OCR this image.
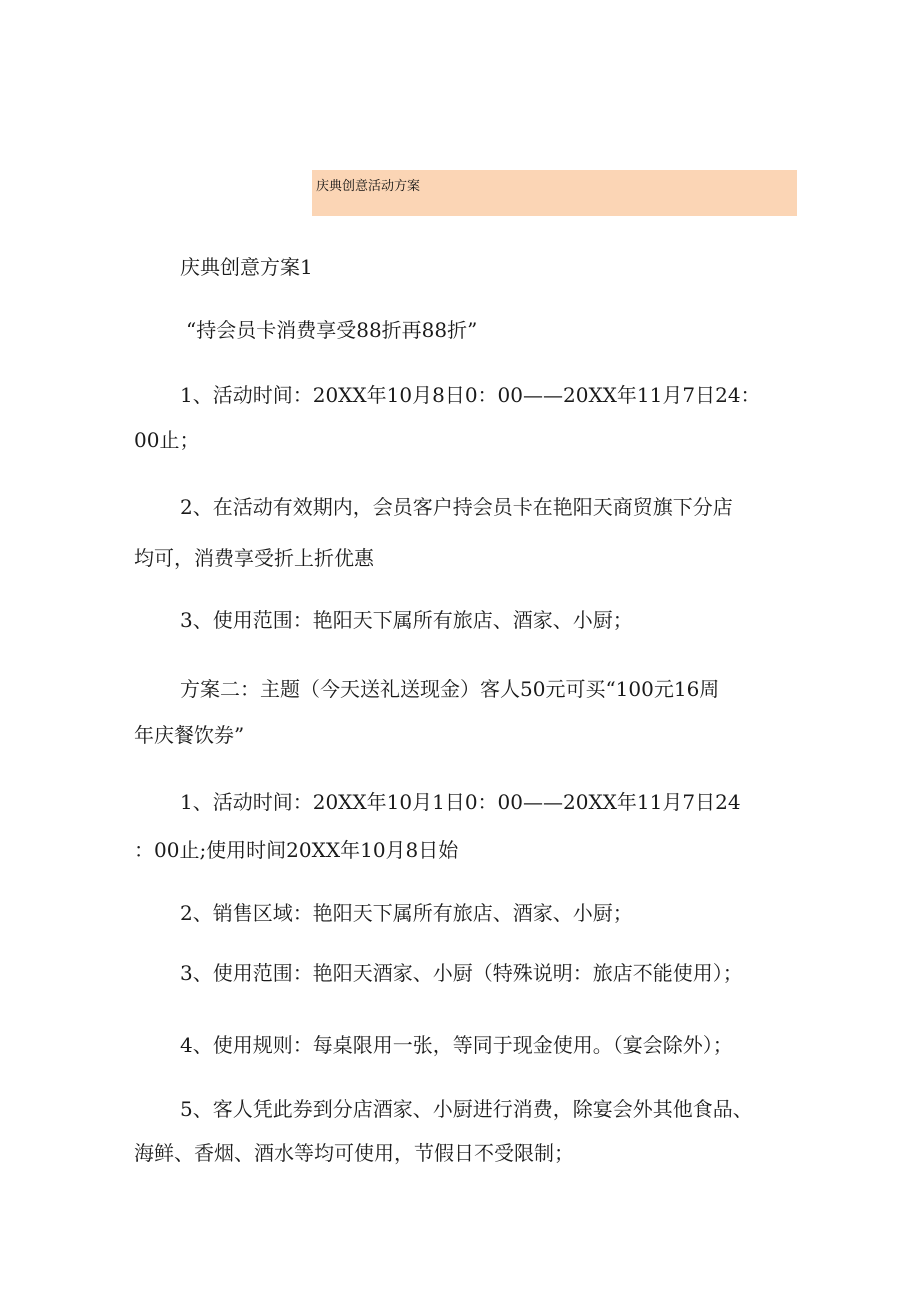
庆典创意活动方案
庆典创意方案1
“持会员卡消费享受88折再88折”
1、活动时间：20XX年10月8日0：00——20XX年11月7日24：
00止；
2、在活动有效期内，会员客户持会员卡在艳阳天商贸旗下分店
均可，消费享受折上折优惠
3、使用范围：艳阳天下属所有旅店、酒家、小厨；
方案二：主题（今天送礼送现金）客人50元可买“100元16周
年庆餐饮券”
1、活动时间：20XX年10月1日0：00——20XX年11月7日24
：00止;使用时间20XX年10月8日始
2、销售区域：艳阳天下属所有旅店、酒家、小厨；
3、使用范围：艳阳天酒家、小厨（特殊说明：旅店不能使用）；
4、使用规则：每桌限用一张，等同于现金使用。（宴会除外）；
5、客人凭此券到分店酒家、小厨进行消费，除宴会外其他食品、
海鲜、香烟、酒水等均可使用，节假日不受限制；
